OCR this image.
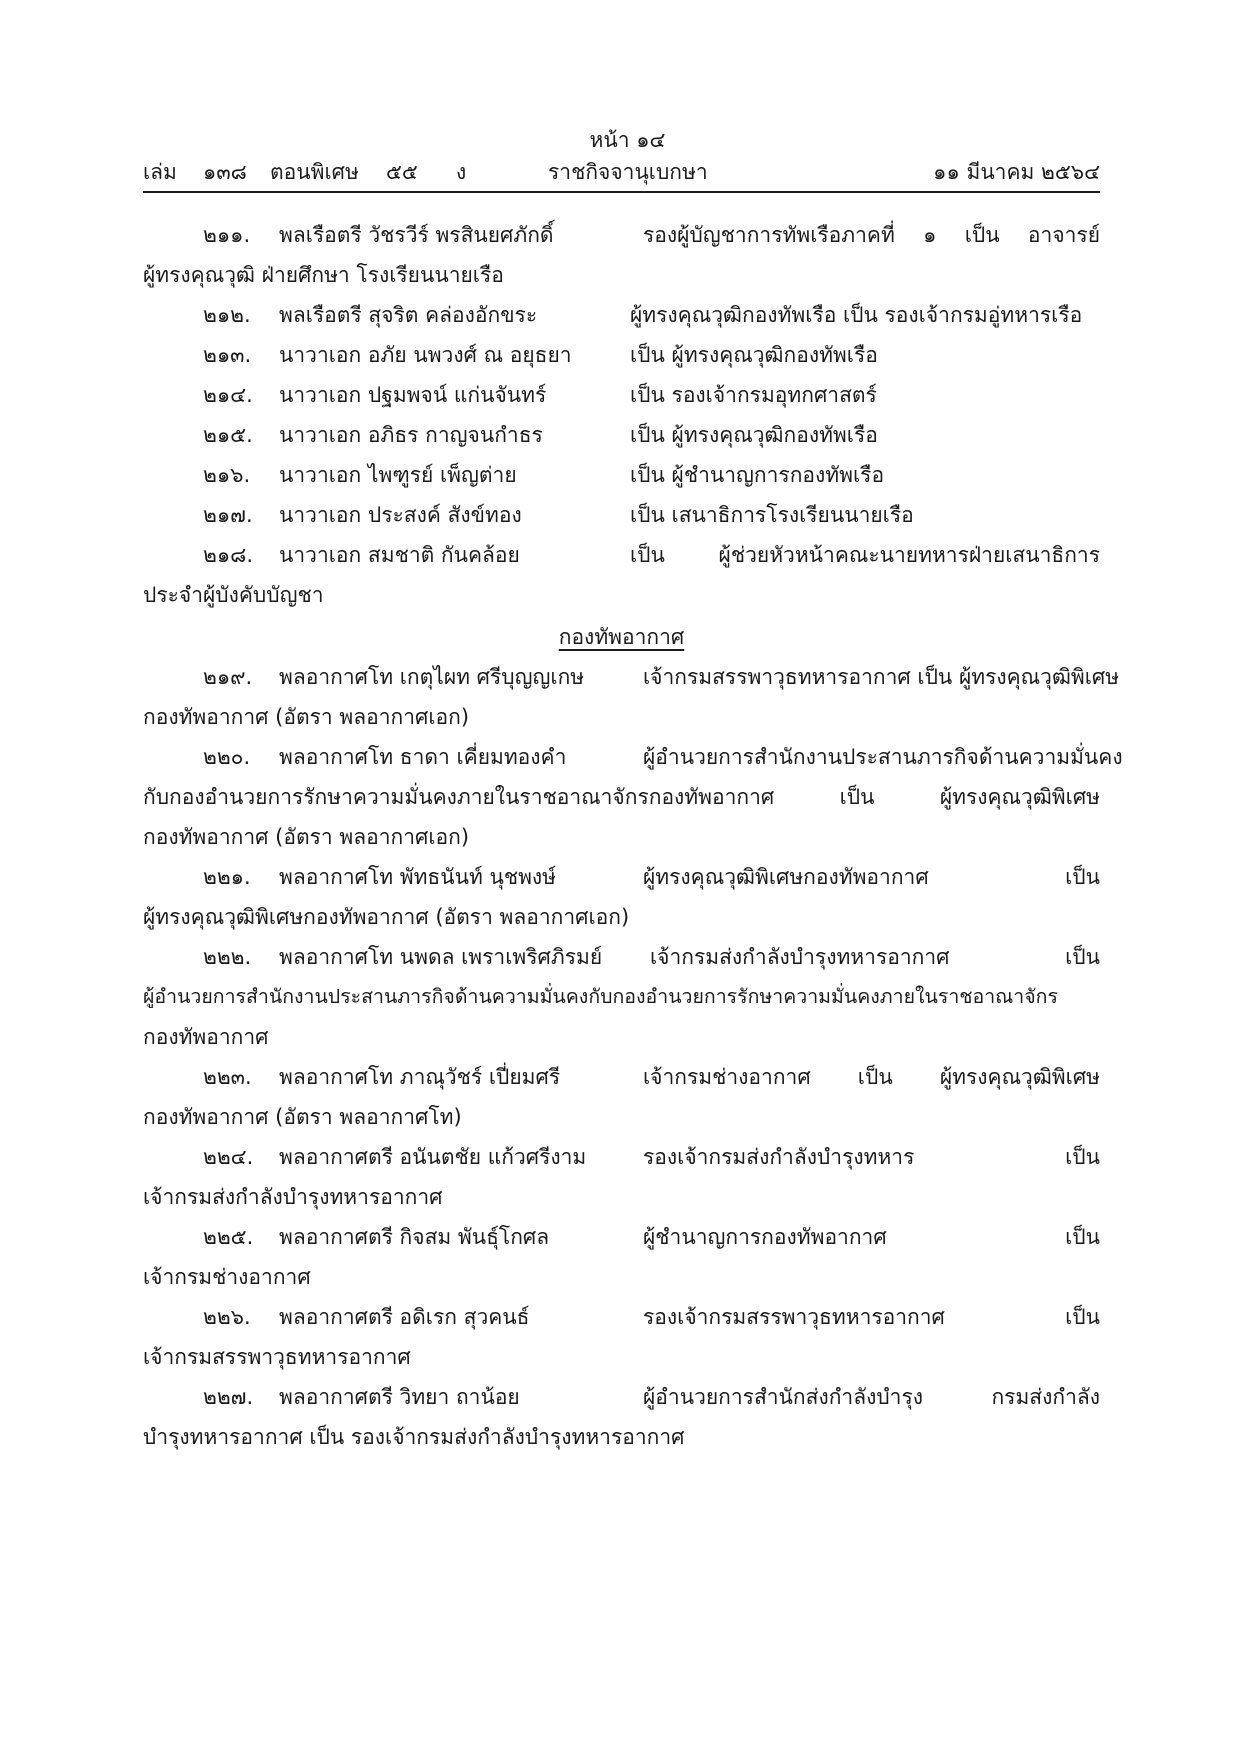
หน้า ๑๔
เล่ม ๑๓๘ ตอนพิเศษ ๕๕ ง	ราชกิจจานุเบกษา	๑๑ มีนาคม ๒๕๖๔
๒๑๑. พลเรือตรี วัชรวีร์ พรสินยศภักดิ์	รองผู้บัญชาการทัพเรือภาคที่ ๑ เป็น อาจารย์
ผู้ทรงคุณวุฒิ ฝ่ายศึกษา โรงเรียนนายเรือ
๒๑๒. พลเรือตรี สุจริต คล่องอักขระ	ผู้ทรงคุณวุฒิกองทัพเรือ เป็น รองเจ้ากรมอู่ทหารเรือ
๒๑๓. นาวาเอก อภัย นพวงศ์ ณ อยุธยา	เป็น ผู้ทรงคุณวุฒิกองทัพเรือ
๒๑๔. นาวาเอก ปฐมพจน์ แก่นจันทร์	เป็น รองเจ้ากรมอุทกศาสตร์
๒๑๕. นาวาเอก อภิธร กาญจนกำธร	เป็น ผู้ทรงคุณวุฒิกองทัพเรือ
๒๑๖. นาวาเอก ไพฑูรย์ เพ็ญต่าย	เป็น ผู้ชำนาญการกองทัพเรือ
๒๑๗. นาวาเอก ประสงค์ สังข์ทอง	เป็น เสนาธิการโรงเรียนนายเรือ
๒๑๘. นาวาเอก สมชาติ กันคล้อย	เป็น ผู้ช่วยหัวหน้าคณะนายทหารฝ่ายเสนาธิการ
ประจำผู้บังคับบัญชา
กองทัพอากาศ
๒๑๙. พลอากาศโท เกตุไผท ศรีบุญญเกษ	เจ้ากรมสรรพาวุธทหารอากาศ เป็น ผู้ทรงคุณวุฒิพิเศษ
กองทัพอากาศ (อัตรา พลอากาศเอก)
๒๒๐. พลอากาศโท ธาดา เคี่ยมทองคำ	ผู้อำนวยการสำนักงานประสานภารกิจด้านความมั่นคง
กับกองอำนวยการรักษาความมั่นคงภายในราชอาณาจักรกองทัพอากาศ เป็น ผู้ทรงคุณวุฒิพิเศษ
กองทัพอากาศ (อัตรา พลอากาศเอก)
๒๒๑. พลอากาศโท พัทธนันท์ นุชพงษ์	ผู้ทรงคุณวุฒิพิเศษกองทัพอากาศ เป็น
ผู้ทรงคุณวุฒิพิเศษกองทัพอากาศ (อัตรา พลอากาศเอก)
๒๒๒. พลอากาศโท นพดล เพราเพริศภิรมย์ เจ้ากรมส่งกำลังบำรุงทหารอากาศ เป็น
ผู้อำนวยการสำนักงานประสานภารกิจด้านความมั่นคงกับกองอำนวยการรักษาความมั่นคงภายในราชอาณาจักร
กองทัพอากาศ
๒๒๓. พลอากาศโท ภาณุวัชร์ เปี่ยมศรี	เจ้ากรมช่างอากาศ เป็น ผู้ทรงคุณวุฒิพิเศษ
กองทัพอากาศ (อัตรา พลอากาศโท)
๒๒๔. พลอากาศตรี อนันตชัย แก้วศรีงาม	รองเจ้ากรมส่งกำลังบำรุงทหาร เป็น
เจ้ากรมส่งกำลังบำรุงทหารอากาศ
๒๒๕. พลอากาศตรี กิจสม พันธุ์โกศล	ผู้ชำนาญการกองทัพอากาศ เป็น
เจ้ากรมช่างอากาศ
๒๒๖. พลอากาศตรี อดิเรก สุวคนธ์	รองเจ้ากรมสรรพาวุธทหารอากาศ เป็น
เจ้ากรมสรรพาวุธทหารอากาศ
๒๒๗. พลอากาศตรี วิทยา ถาน้อย	ผู้อำนวยการสำนักส่งกำลังบำรุง กรมส่งกำลัง
บำรุงทหารอากาศ เป็น รองเจ้ากรมส่งกำลังบำรุงทหารอากาศ
